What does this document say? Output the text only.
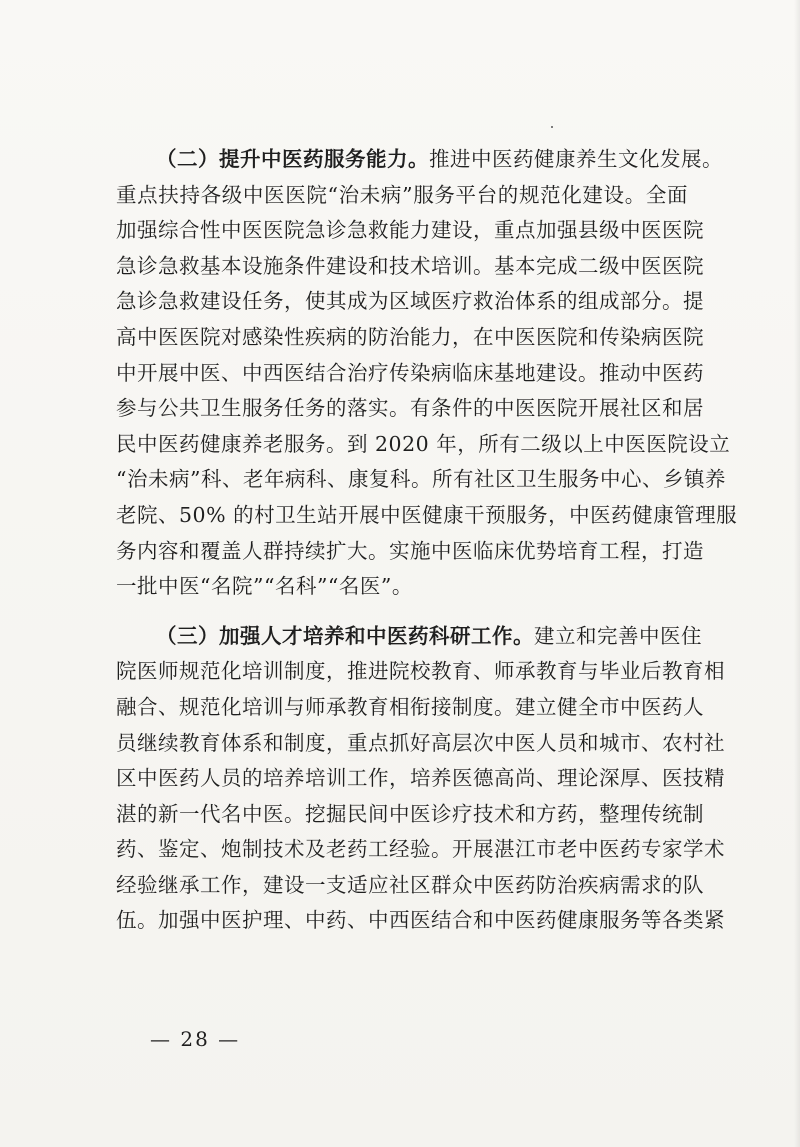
（二）提升中医药服务能力。推进中医药健康养生文化发展。
重点扶持各级中医医院“治未病”服务平台的规范化建设。全面
加强综合性中医医院急诊急救能力建设，重点加强县级中医医院
急诊急救基本设施条件建设和技术培训。基本完成二级中医医院
急诊急救建设任务，使其成为区域医疗救治体系的组成部分。提
高中医医院对感染性疾病的防治能力，在中医医院和传染病医院
中开展中医、中西医结合治疗传染病临床基地建设。推动中医药
参与公共卫生服务任务的落实。有条件的中医医院开展社区和居
民中医药健康养老服务。到 2020 年，所有二级以上中医医院设立
“治未病”科、老年病科、康复科。所有社区卫生服务中心、乡镇养
老院、50% 的村卫生站开展中医健康干预服务，中医药健康管理服
务内容和覆盖人群持续扩大。实施中医临床优势培育工程，打造
一批中医“名院”“名科”“名医”。
（三）加强人才培养和中医药科研工作。建立和完善中医住
院医师规范化培训制度，推进院校教育、师承教育与毕业后教育相
融合、规范化培训与师承教育相衔接制度。建立健全市中医药人
员继续教育体系和制度，重点抓好高层次中医人员和城市、农村社
区中医药人员的培养培训工作，培养医德高尚、理论深厚、医技精
湛的新一代名中医。挖掘民间中医诊疗技术和方药，整理传统制
药、鉴定、炮制技术及老药工经验。开展湛江市老中医药专家学术
经验继承工作，建设一支适应社区群众中医药防治疾病需求的队
伍。加强中医护理、中药、中西医结合和中医药健康服务等各类紧
— 28 —
